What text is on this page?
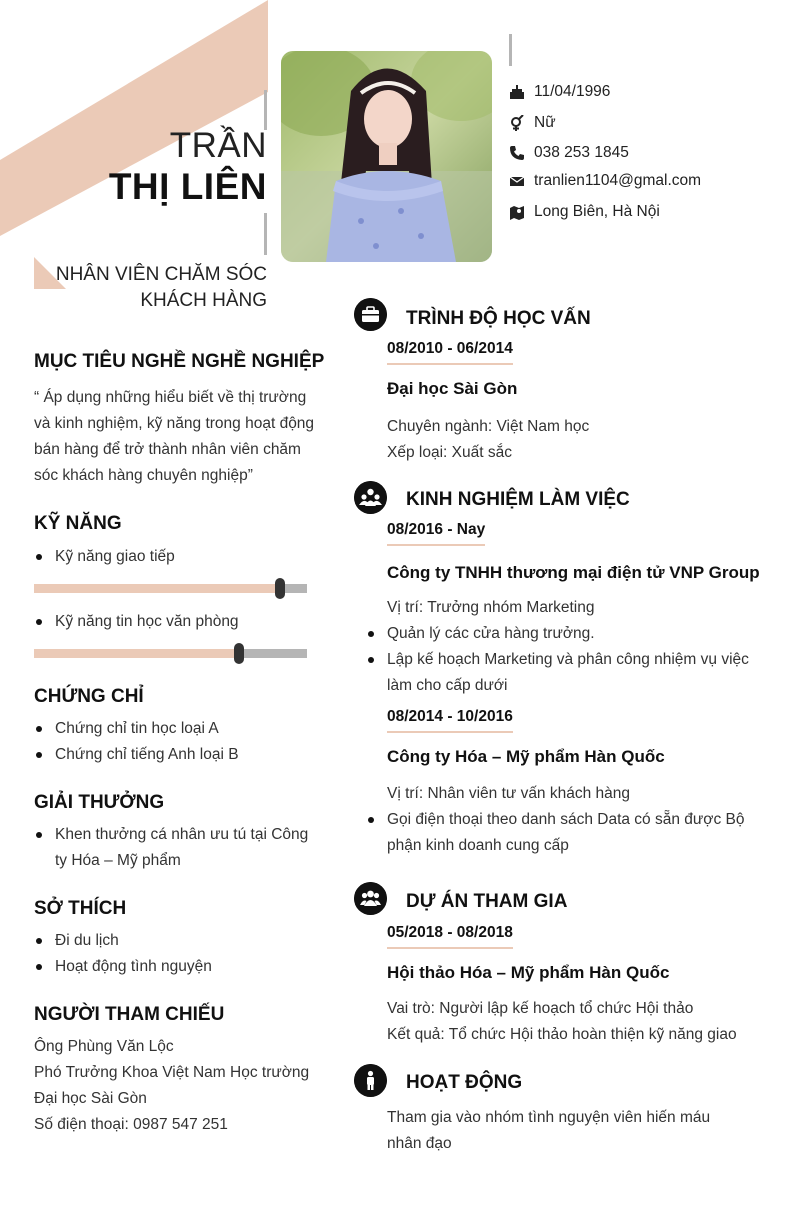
TRẦN
THỊ LIÊN
NHÂN VIÊN CHĂM SÓC
KHÁCH HÀNG
11/04/1996
Nữ
038 253 1845
tranlien1104@gmal.com
Long Biên, Hà Nội
MỤC TIÊU NGHỀ NGHỀ NGHIỆP
“ Áp dụng những hiểu biết về thị trường
và kinh nghiệm, kỹ năng trong hoạt động
bán hàng để trở thành nhân viên chăm
sóc khách hàng chuyên nghiệp”
KỸ NĂNG
Kỹ năng giao tiếp
Kỹ năng tin học văn phòng
CHỨNG CHỈ
Chứng chỉ tin học loại A
Chứng chỉ tiếng Anh loại B
GIẢI THƯỞNG
Khen thưởng cá nhân ưu tú tại Công
ty Hóa – Mỹ phẩm
SỞ THÍCH
Đi du lịch
Hoạt động tình nguyện
NGƯỜI THAM CHIẾU
Ông Phùng Văn Lộc
Phó Trưởng Khoa Việt Nam Học trường
Đại học Sài Gòn
Số điện thoại: 0987 547 251
TRÌNH ĐỘ HỌC VẤN
08/2010 - 06/2014
Đại học Sài Gòn
Chuyên ngành: Việt Nam học
Xếp loại: Xuất sắc
KINH NGHIỆM LÀM VIỆC
08/2016 - Nay
Công ty TNHH thương mại điện tử VNP Group
Vị trí: Trưởng nhóm Marketing
Quản lý các cửa hàng trưởng.
Lập kế hoạch Marketing và phân công nhiệm vụ việc
làm cho cấp dưới
08/2014 - 10/2016
Công ty Hóa – Mỹ phẩm Hàn Quốc
Vị trí: Nhân viên tư vấn khách hàng
Gọi điện thoại theo danh sách Data có sẵn được Bộ
phận kinh doanh cung cấp
DỰ ÁN THAM GIA
05/2018 - 08/2018
Hội thảo Hóa – Mỹ phẩm Hàn Quốc
Vai trò: Người lập kế hoạch tổ chức Hội thảo
Kết quả: Tổ chức Hội thảo hoàn thiện kỹ năng giao
HOẠT ĐỘNG
Tham gia vào nhóm tình nguyện viên hiến máu
nhân đạo
